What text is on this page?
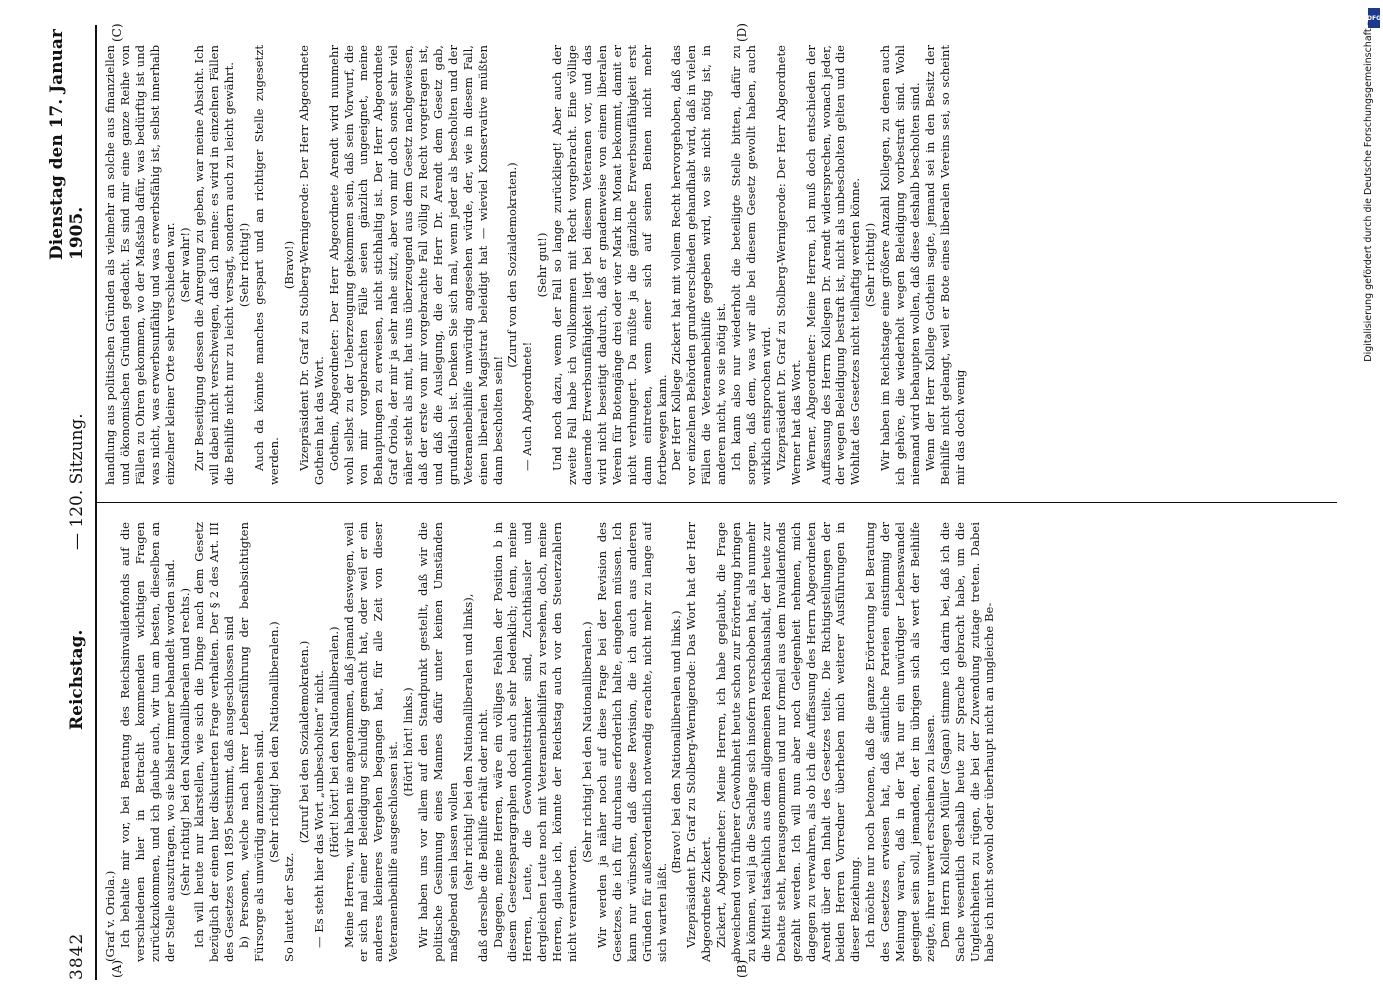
3842
Reichstag.
— 120. Sitzung.
Dienstag den 17. Januar 1905.
(A)	(B)
(C)	(D)

(Graf v. Oriola.) Ich behalte mir vor, bei Beratung des Reichsinvalidenfonds auf die verschiedenen hier in Betracht kommenden wichtigen Fragen zurückzukommen, und ich glaube auch, wir tun am besten, dieselben an der Stelle auszutragen, wo sie bisher immer behandelt worden sind. (Sehr richtig! bei den Nationalliberalen und rechts.) Ich will heute nur klarstellen, wie sich die Dinge nach dem Gesetz bezüglich der einen hier diskutierten Frage verhalten. Der § 2 des Art. III des Gesetzes von 1895 bestimmt, daß ausgeschlossen sind b) Personen, welche nach ihrer Lebensführung der beabsichtigten Fürsorge als unwürdig anzusehen sind. (Sehr richtig! bei den Nationalliberalen.)

So lautet der Satz.

(Zuruf bei den Sozialdemokraten.) — Es steht hier das Wort „unbescholten“ nicht. (Hört! hört! bei den Nationalliberalen.) Meine Herren, wir haben nie angenommen, daß jemand deswegen, weil er sich mal einer Beleidigung schuldig gemacht hat, oder weil er ein anderes kleineres Vergehen begangen hat, für alle Zeit von dieser Veteranenbeihilfe ausgeschlossen ist. (Hört! hört! links.) Wir haben uns vor allem auf den Standpunkt gestellt, daß wir die politische Gesinnung eines Mannes dafür unter keinen Umständen maßgebend sein lassen wollen (sehr richtig! bei den Nationalliberalen und links), daß derselbe die Beihilfe erhält oder nicht. Dagegen, meine Herren, wäre ein völliges Fehlen der Position b in diesem Gesetzesparagraphen doch auch sehr bedenklich; denn, meine Herren, Leute, die Gewohnheitstrinker sind, Zuchthäusler und dergleichen Leute noch mit Veteranenbeihilfen zu versehen, doch, meine Herren, glaube ich, könnte der Reichstag auch vor den Steuerzahlern nicht verantworten.

(Sehr richtig! bei den Nationalliberalen.) Wir werden ja näher noch auf diese Frage bei der Revision des Gesetzes, die ich für durchaus erforderlich halte, eingehen müssen. Ich kann nur wünschen, daß diese Revision, die ich auch aus anderen Gründen für außerordentlich notwendig erachte, nicht mehr zu lange auf sich warten läßt.

(Bravo! bei den Nationalliberalen und links.) Vizepräsident Dr. Graf zu Stolberg-Wernigerode: Das Wort hat der Herr Abgeordnete Zickert. Zickert, Abgeordneter: Meine Herren, ich habe geglaubt, die Frage abweichend von früherer Gewohnheit heute schon zur Erörterung bringen zu können, weil ja die Sachlage sich insofern verschoben hat, als nunmehr die Mittel tatsächlich aus dem allgemeinen Reichshaushalt, der heute zur Debatte steht, herausgenommen und nur formell aus dem Invalidenfonds gezahlt werden. Ich will nun aber noch Gelegenheit nehmen, mich dagegen zu verwahren, als ob ich die Auffassung des Herrn Abgeordneten Arendt über den Inhalt des Gesetzes teilte. Die Richtigstellungen der beiden Herren Vorredner überheben mich weiterer Ausführungen in dieser Beziehung. Ich möchte nur noch betonen, daß die ganze Erörterung bei Beratung des Gesetzes erwiesen hat, daß sämtliche Parteien einstimmig der Meinung waren, daß in der Tat nur ein unwürdiger Lebenswandel geeignet sein soll, jemanden, der im übrigen sich als wert der Beihilfe zeigte, ihrer unwert erscheinen zu lassen. Dem Herrn Kollegen Müller (Sagan) stimme ich darin bei, daß ich die Sache wesentlich deshalb heute zur Sprache gebracht habe, um die Ungleichheiten zu rügen, die bei der Zuwendung zutage treten. Dabei habe ich nicht sowohl oder überhaupt nicht an ungleiche Be-

handlung aus politischen Gründen als vielmehr an solche aus finanziellen und ökonomischen Gründen gedacht. Es sind mir eine ganze Reihe von Fällen zu Ohren gekommen, wo der Maßstab dafür, was bedürftig ist und was nicht, was erwerbsunfähig und was erwerbsfähig ist, selbst innerhalb einzelner kleiner Orte sehr verschieden war. (Sehr wahr!) Zur Beseitigung dessen die Anregung zu geben, war meine Absicht. Ich will dabei nicht verschweigen, daß ich meine: es wird in einzelnen Fällen die Beihilfe nicht nur zu leicht versagt, sondern auch zu leicht gewährt. (Sehr richtig!) Auch da könnte manches gespart und an richtiger Stelle zugesetzt werden.

(Bravo!) Vizepräsident Dr. Graf zu Stolberg-Wernigerode: Der Herr Abgeordnete Gothein hat das Wort. Gothein, Abgeordneter: Der Herr Abgeordnete Arendt wird nunmehr wohl selbst zu der Ueberzeugung gekommen sein, daß sein Vorwurf, die von mir vorgebrachten Fälle seien gänzlich ungeeignet, meine Behauptungen zu erweisen, nicht stichhaltig ist. Der Herr Abgeordnete Graf Oriola, der mir ja sehr nahe sitzt, aber von mir doch sonst sehr viel näher steht als mit, hat uns überzeugend aus dem Gesetz nachgewiesen, daß der erste von mir vorgebrachte Fall völlig zu Recht vorgetragen ist, und daß die Auslegung, die der Herr Dr. Arendt dem Gesetz gab, grundfalsch ist. Denken Sie sich mal, wenn jeder als bescholten und der Veteranenbeihilfe unwürdig angesehen würde, der, wie in diesem Fall, einen liberalen Magistrat beleidigt hat — wieviel Konservative müßten dann bescholten sein!

(Zuruf von den Sozialdemokraten.)

— Auch Abgeordnete!

(Sehr gut!) Und noch dazu, wenn der Fall so lange zurückliegt! Aber auch der zweite Fall habe ich vollkommen mit Recht vorgebracht. Eine völlige dauernde Erwerbsunfähigkeit liegt bei diesem Veteranen vor, und das wird nicht beseitigt dadurch, daß er gnadenweise von einem liberalen Verein für Botengänge drei oder vier Mark im Monat bekommt, damit er nicht verhungert. Da müßte ja die gänzliche Erwerbsunfähigkeit erst dann eintreten, wenn einer sich auf seinen Beinen nicht mehr fortbewegen kann. Der Herr Kollege Zickert hat mit vollem Recht hervorgehoben, daß das vor einzelnen Behörden grundverschieden gehandhabt wird, daß in vielen Fällen die Veteranenbeihilfe gegeben wird, wo sie nicht nötig ist, in anderen nicht, wo sie nötig ist. Ich kann also nur wiederholt die beteiligte Stelle bitten, dafür zu sorgen, daß dem, was wir alle bei diesem Gesetz gewollt haben, auch wirklich entsprochen wird. Vizepräsident Dr. Graf zu Stolberg-Wernigerode: Der Herr Abgeordnete Werner hat das Wort. Werner, Abgeordneter: Meine Herren, ich muß doch entschieden der Auffassung des Herrn Kollegen Dr. Arendt widersprechen, wonach jeder, der wegen Beleidigung bestraft ist, nicht als unbescholten gelten und die Wohltat des Gesetzes nicht teilhaftig werden könne. (Sehr richtig!) Wir haben im Reichstage eine größere Anzahl Kollegen, zu denen auch ich gehöre, die wiederholt wegen Beleidigung vorbestraft sind. Wohl niemand wird behaupten wollen, daß diese deshalb bescholten sind. Wenn der Herr Kollege Gothein sagte, jemand sei in den Besitz der Beihilfe nicht gelangt, weil er Bote eines liberalen Vereins sei, so scheint mir das doch wenig

DFG
Digitalisierung gefördert durch die Deutsche Forschungsgemeinschaft -
